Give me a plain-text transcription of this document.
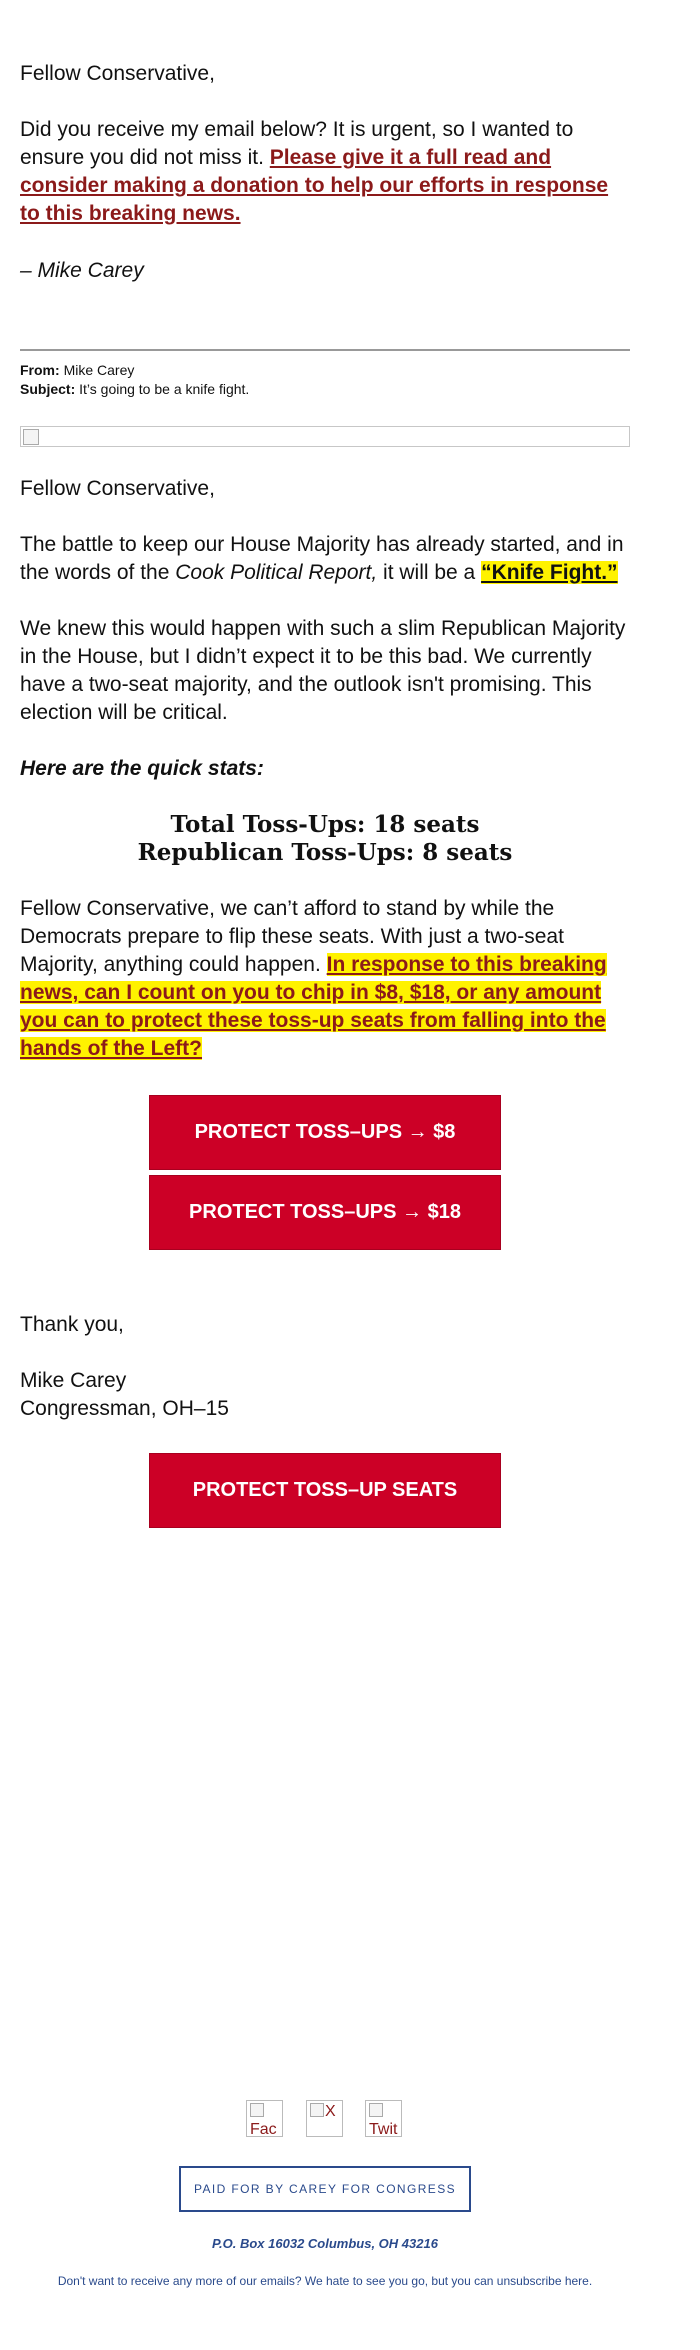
Fellow Conservative,

Did you receive my email below? It is urgent, so I wanted to ensure you did not miss it. Please give it a full read and consider making a donation to help our efforts in response to this breaking news.

– Mike Carey

From: Mike Carey
Subject: It’s going to be a knife fight.

Fellow Conservative,

The battle to keep our House Majority has already started, and in the words of the Cook Political Report, it will be a “Knife Fight.”

We knew this would happen with such a slim Republican Majority in the House, but I didn’t expect it to be this bad. We currently have a two-seat majority, and the outlook isn't promising. This election will be critical.

Here are the quick stats:

Total Toss-Ups: 18 seats
Republican Toss-Ups: 8 seats

Fellow Conservative, we can’t afford to stand by while the Democrats prepare to flip these seats. With just a two-seat Majority, anything could happen. In response to this breaking news, can I count on you to chip in $8, $18, or any amount you can to protect these toss-up seats from falling into the hands of the Left?

PROTECT TOSS–UPS → $8
PROTECT TOSS–UPS → $18

Thank you,

Mike Carey

Congressman, OH–15

PROTECT TOSS–UP SEATS
Fac
X
Twit
PAID FOR BY CAREY FOR CONGRESS
P.O. Box 16032 Columbus, OH 43216
Don't want to receive any more of our emails? We hate to see you go, but you can unsubscribe here.
